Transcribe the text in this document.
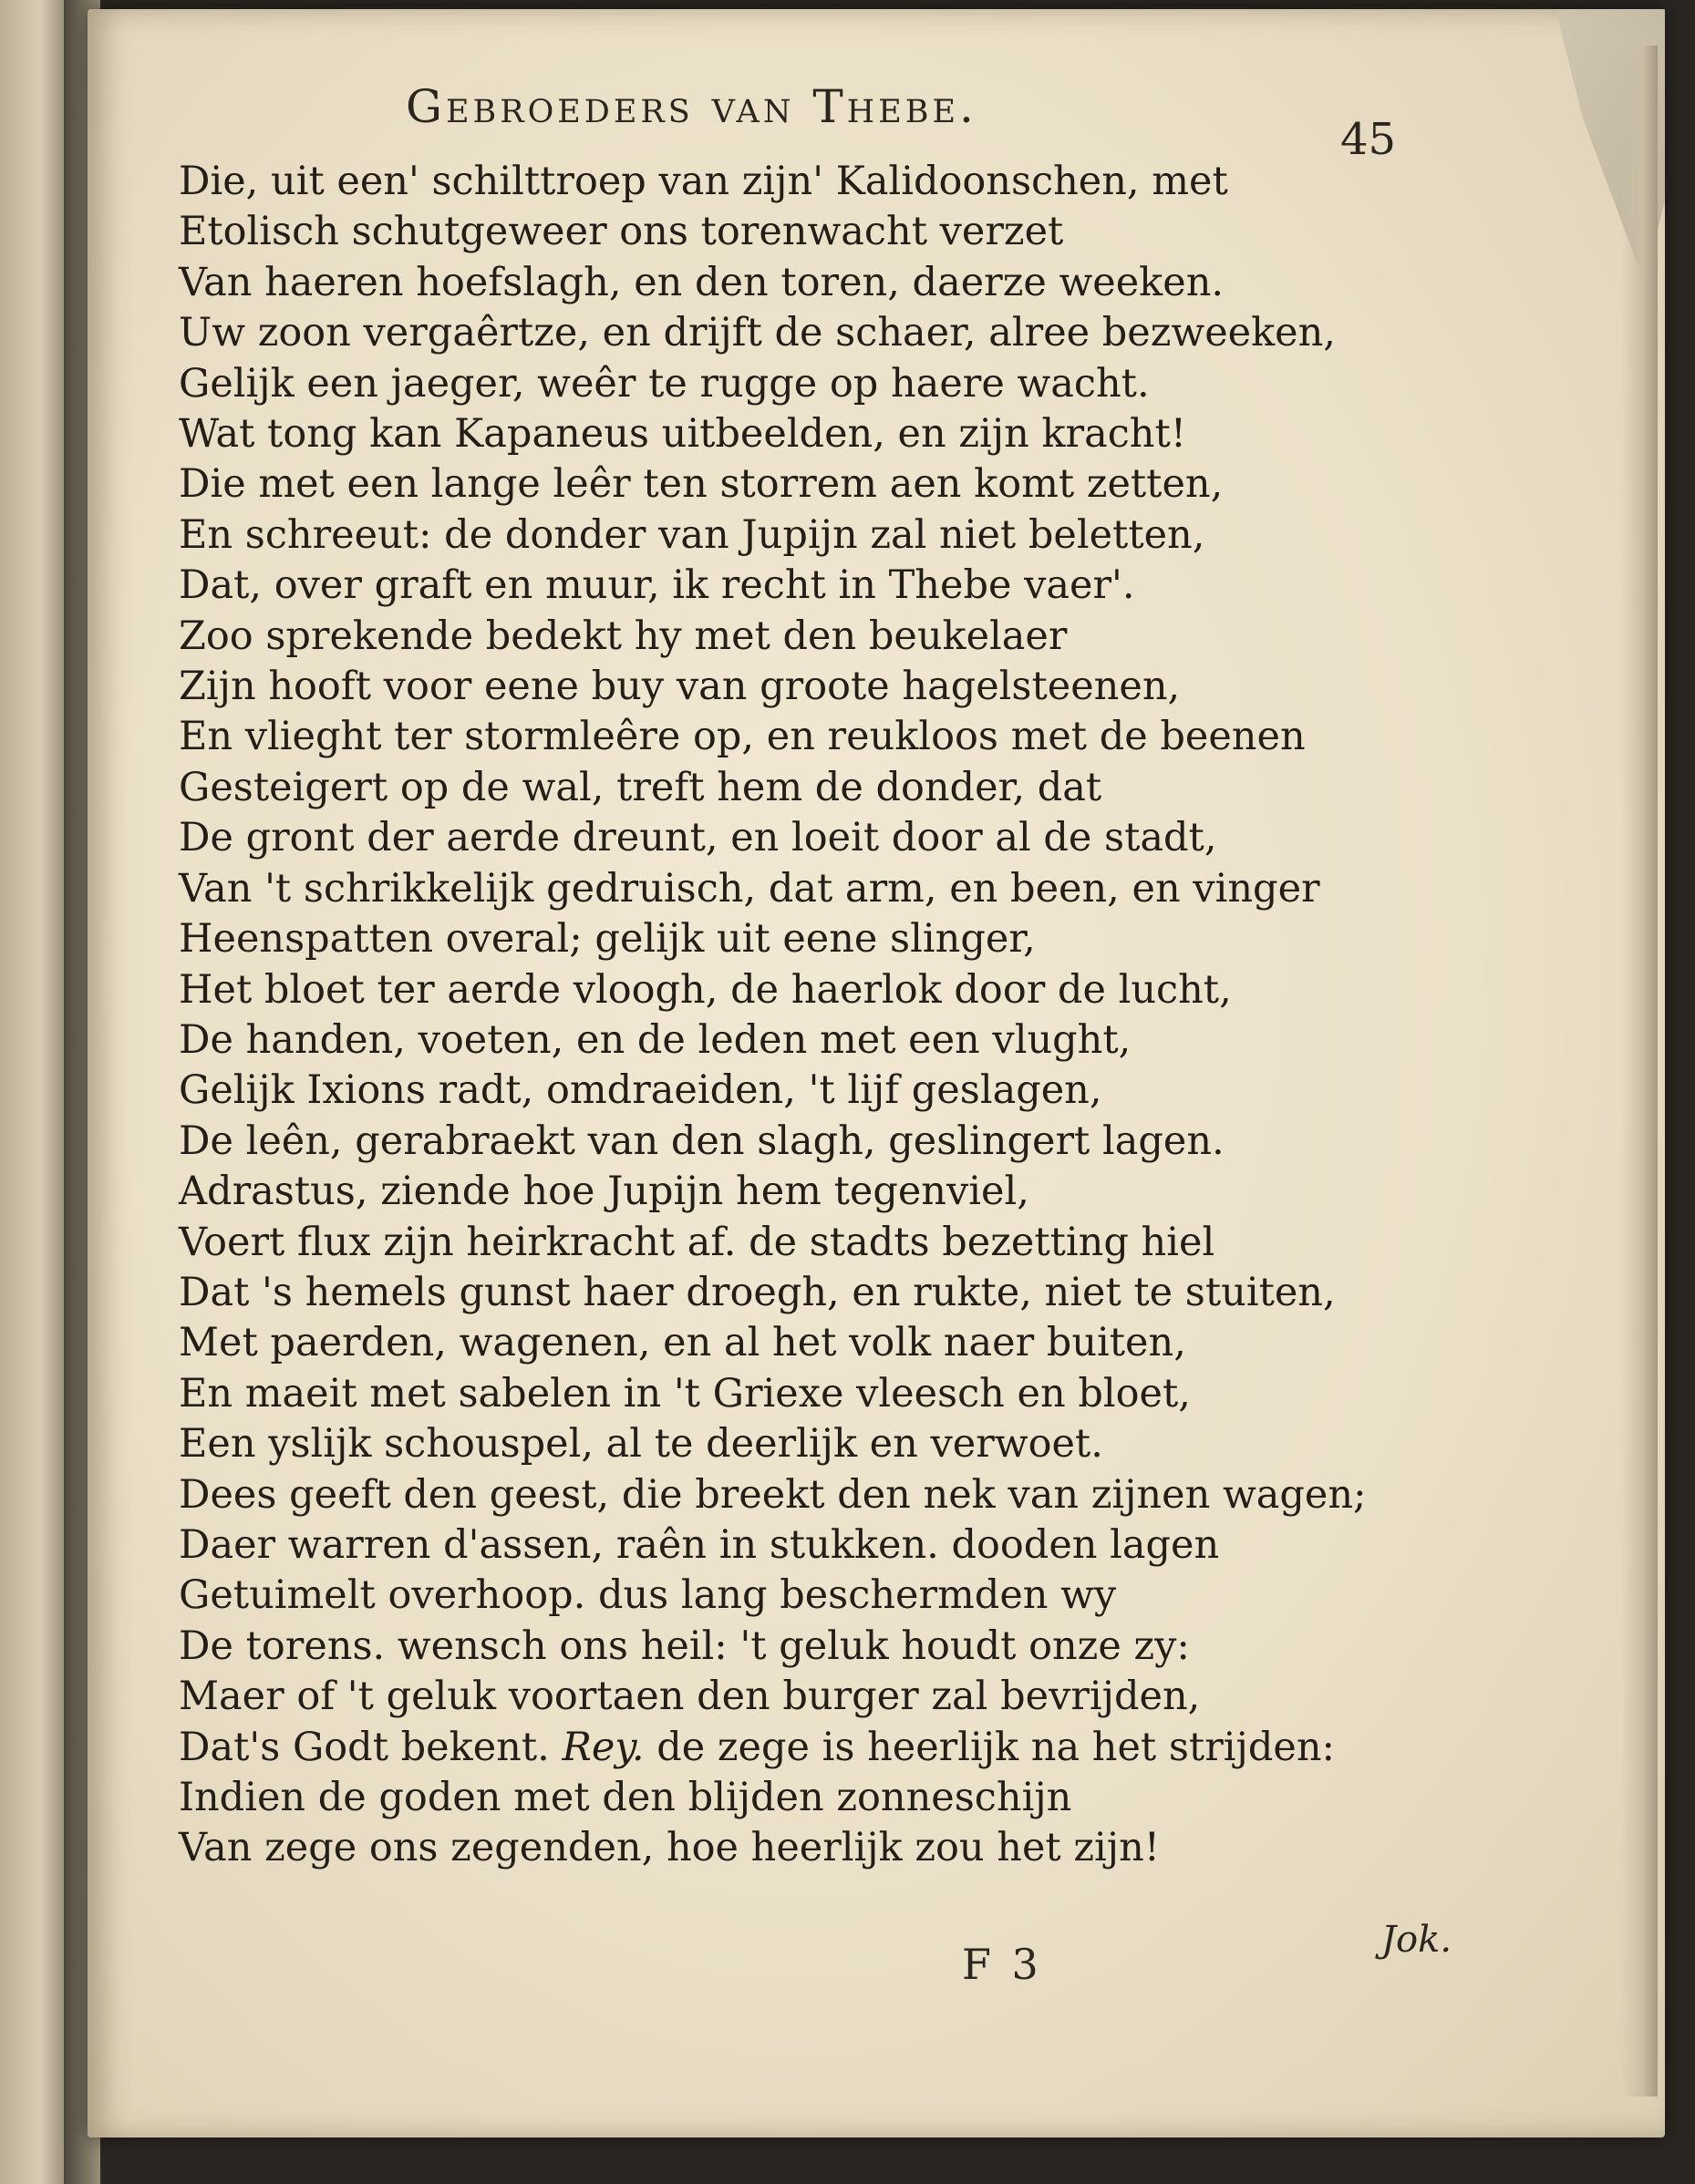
Gebroeders van Thebe.
45
Die, uit een' schilttroep van zijn' Kalidoonschen, met
Etolisch schutgeweer ons torenwacht verzet
Van haeren hoefslagh, en den toren, daerze weeken.
Uw zoon vergaêrtze, en drijft de schaer, alree bezweeken,
Gelijk een jaeger, weêr te rugge op haere wacht.
Wat tong kan Kapaneus uitbeelden, en zijn kracht!
Die met een lange leêr ten storrem aen komt zetten,
En schreeut: de donder van Jupijn zal niet beletten,
Dat, over graft en muur, ik recht in Thebe vaer'.
Zoo sprekende bedekt hy met den beukelaer
Zijn hooft voor eene buy van groote hagelsteenen,
En vlieght ter stormleêre op, en reukloos met de beenen
Gesteigert op de wal, treft hem de donder, dat
De gront der aerde dreunt, en loeit door al de stadt,
Van 't schrikkelijk gedruisch, dat arm, en been, en vinger
Heenspatten overal; gelijk uit eene slinger,
Het bloet ter aerde vloogh, de haerlok door de lucht,
De handen, voeten, en de leden met een vlught,
Gelijk Ixions radt, omdraeiden, 't lijf geslagen,
De leên, gerabraekt van den slagh, geslingert lagen.
Adrastus, ziende hoe Jupijn hem tegenviel,
Voert flux zijn heirkracht af. de stadts bezetting hiel
Dat 's hemels gunst haer droegh, en rukte, niet te stuiten,
Met paerden, wagenen, en al het volk naer buiten,
En maeit met sabelen in 't Griexe vleesch en bloet,
Een yslijk schouspel, al te deerlijk en verwoet.
Dees geeft den geest, die breekt den nek van zijnen wagen;
Daer warren d'assen, raên in stukken. dooden lagen
Getuimelt overhoop. dus lang beschermden wy
De torens. wensch ons heil: 't geluk houdt onze zy:
Maer of 't geluk voortaen den burger zal bevrijden,
Dat's Godt bekent. Rey. de zege is heerlijk na het strijden:
Indien de goden met den blijden zonneschijn
Van zege ons zegenden, hoe heerlijk zou het zijn!
F 3	Jok.
